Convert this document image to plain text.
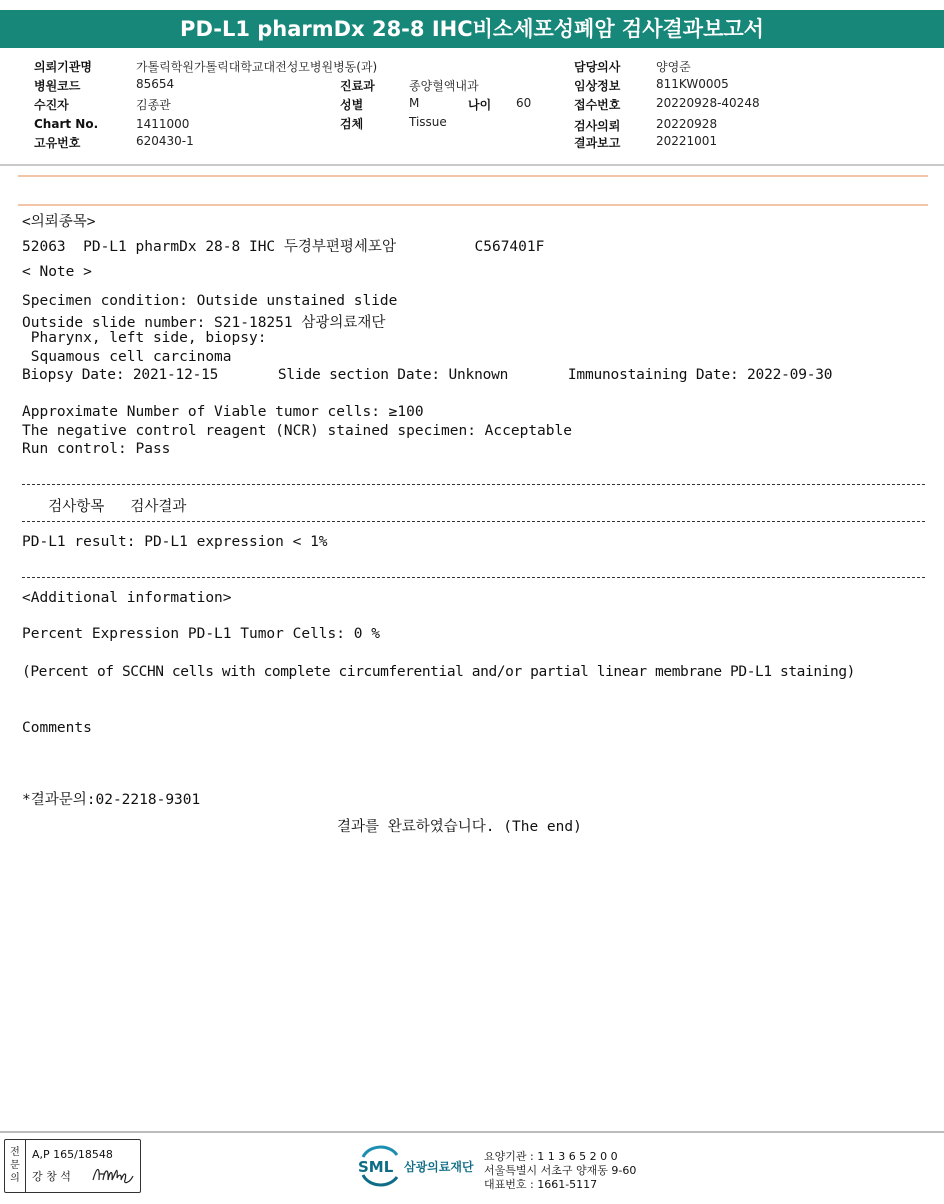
PD-L1 pharmDx 28-8 IHC비소세포성폐암 검사결과보고서
의뢰기관명	가톨릭학원가톨릭대학교대전성모병원병동(과)	담당의사	양영준
병원코드	85654	진료과	종양혈액내과	임상정보	811KW0005
수진자	김종관	성별	M	나이 60	접수번호	20220928-40248
Chart No.	1411000	검체	Tissue	검사의뢰	20220928
고유번호	620430-1	결과보고	20221001
<의뢰종목>
52063  PD-L1 pharmDx 28-8 IHC 두경부편평세포암         C567401F
< Note >
Specimen condition: Outside unstained slide
Outside slide number: S21-18251 삼광의료재단
Pharynx, left side, biopsy:
Squamous cell carcinoma
Biopsy Date: 2021-12-15       Slide section Date: Unknown       Immunostaining Date: 2022-09-30
Approximate Number of Viable tumor cells: ≥100
The negative control reagent (NCR) stained specimen: Acceptable
Run control: Pass
검사항목   검사결과
PD-L1 result: PD-L1 expression < 1%
<Additional information>
Percent Expression PD-L1 Tumor Cells: 0 %
(Percent of SCCHN cells with complete circumferential and/or partial linear membrane PD-L1 staining)
Comments
*결과문의:02-2218-9301
결과를 완료하였습니다. (The end)
전
문
의
A,P 165/18548
강 창 석
SML 삼광의료재단
요양기관 : 1 1 3 6 5 2 0 0
서울특별시 서초구 양재동 9-60
대표번호 : 1661-5117
